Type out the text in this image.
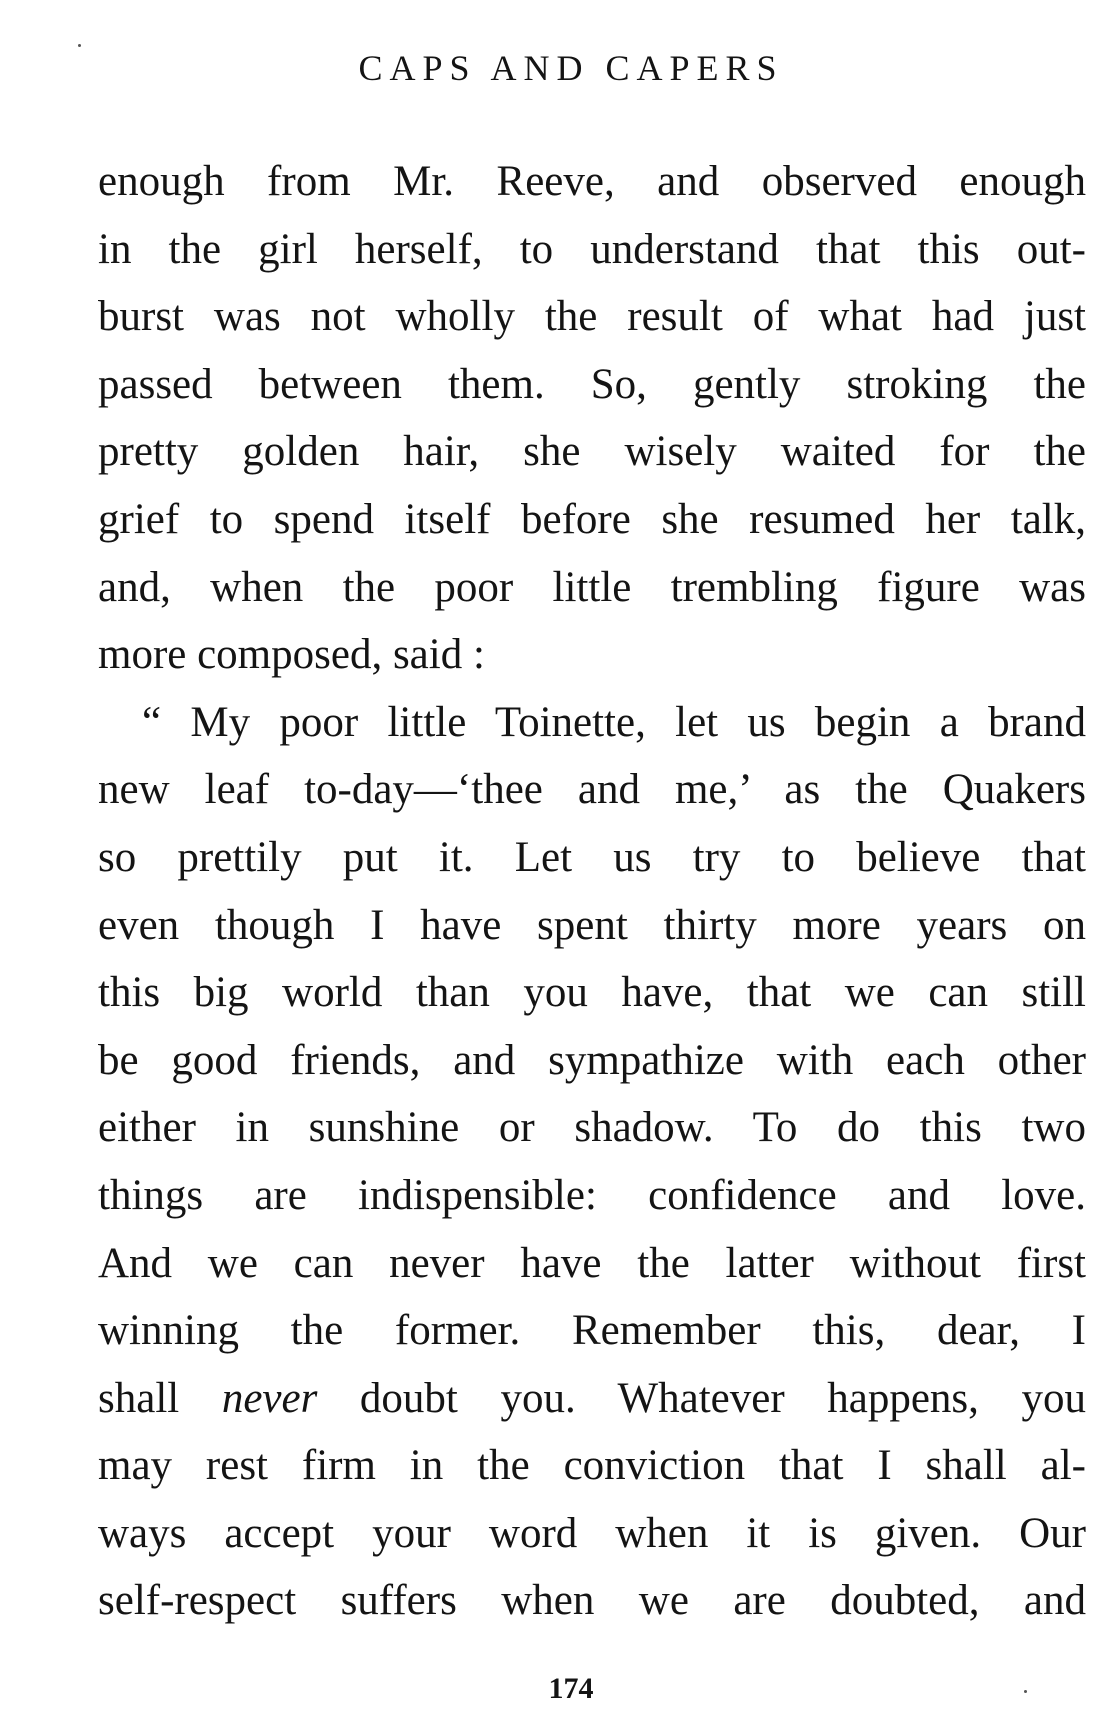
CAPS AND CAPERS
enough from Mr. Reeve, and observed enough
in the girl herself, to understand that this out-
burst was not wholly the result of what had just
passed between them. So, gently stroking the
pretty golden hair, she wisely waited for the
grief to spend itself before she resumed her talk,
and, when the poor little trembling figure was
more composed, said :
“ My poor little Toinette, let us begin a brand
new leaf to-day—‘thee and me,’ as the Quakers
so prettily put it. Let us try to believe that
even though I have spent thirty more years on
this big world than you have, that we can still
be good friends, and sympathize with each other
either in sunshine or shadow. To do this two
things are indispensible: confidence and love.
And we can never have the latter without first
winning the former. Remember this, dear, I
shall never doubt you. Whatever happens, you
may rest firm in the conviction that I shall al-
ways accept your word when it is given. Our
self-respect suffers when we are doubted, and
174
